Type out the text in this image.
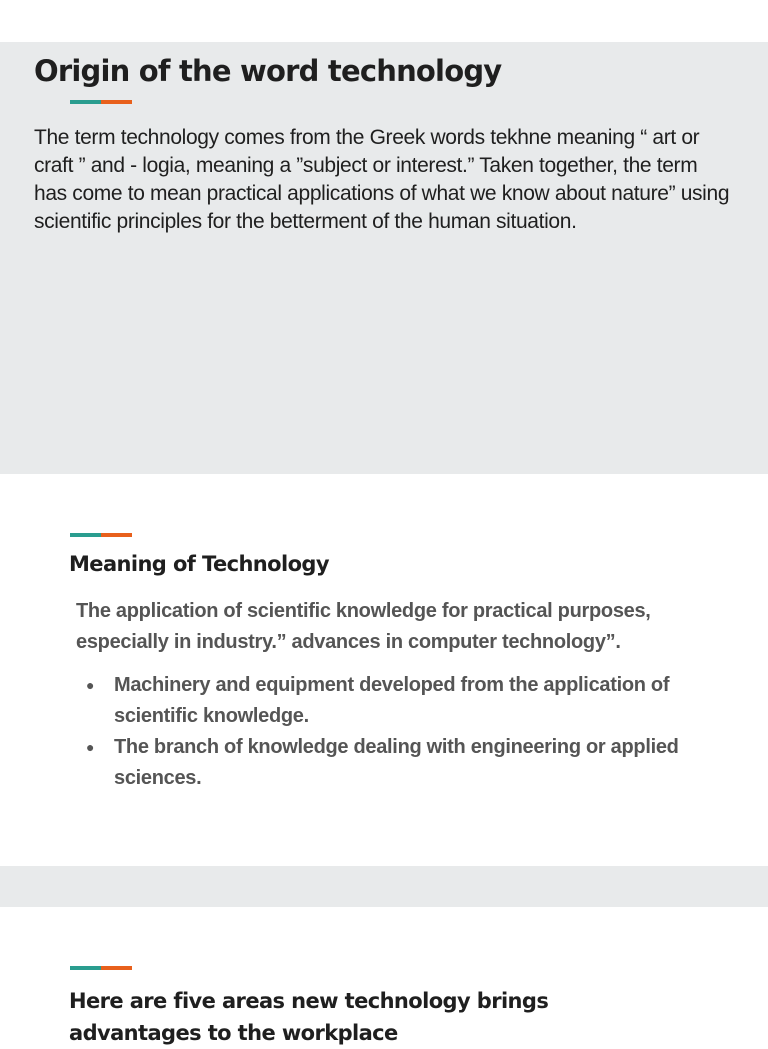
Origin of the word technology

The term technology comes from the Greek words tekhne meaning “ art or craft ” and - logia, meaning a ”subject or interest.” Taken together, the term has come to mean practical applications of what we know about nature” using scientific principles for the betterment of the human situation.

Meaning of Technology

The application of scientific knowledge for practical purposes, especially in industry.” advances in computer technology”.

● Machinery and equipment developed from the application of scientific knowledge.
● The branch of knowledge dealing with engineering or applied sciences.
Here are five areas new technology brings advantages to the workplace
